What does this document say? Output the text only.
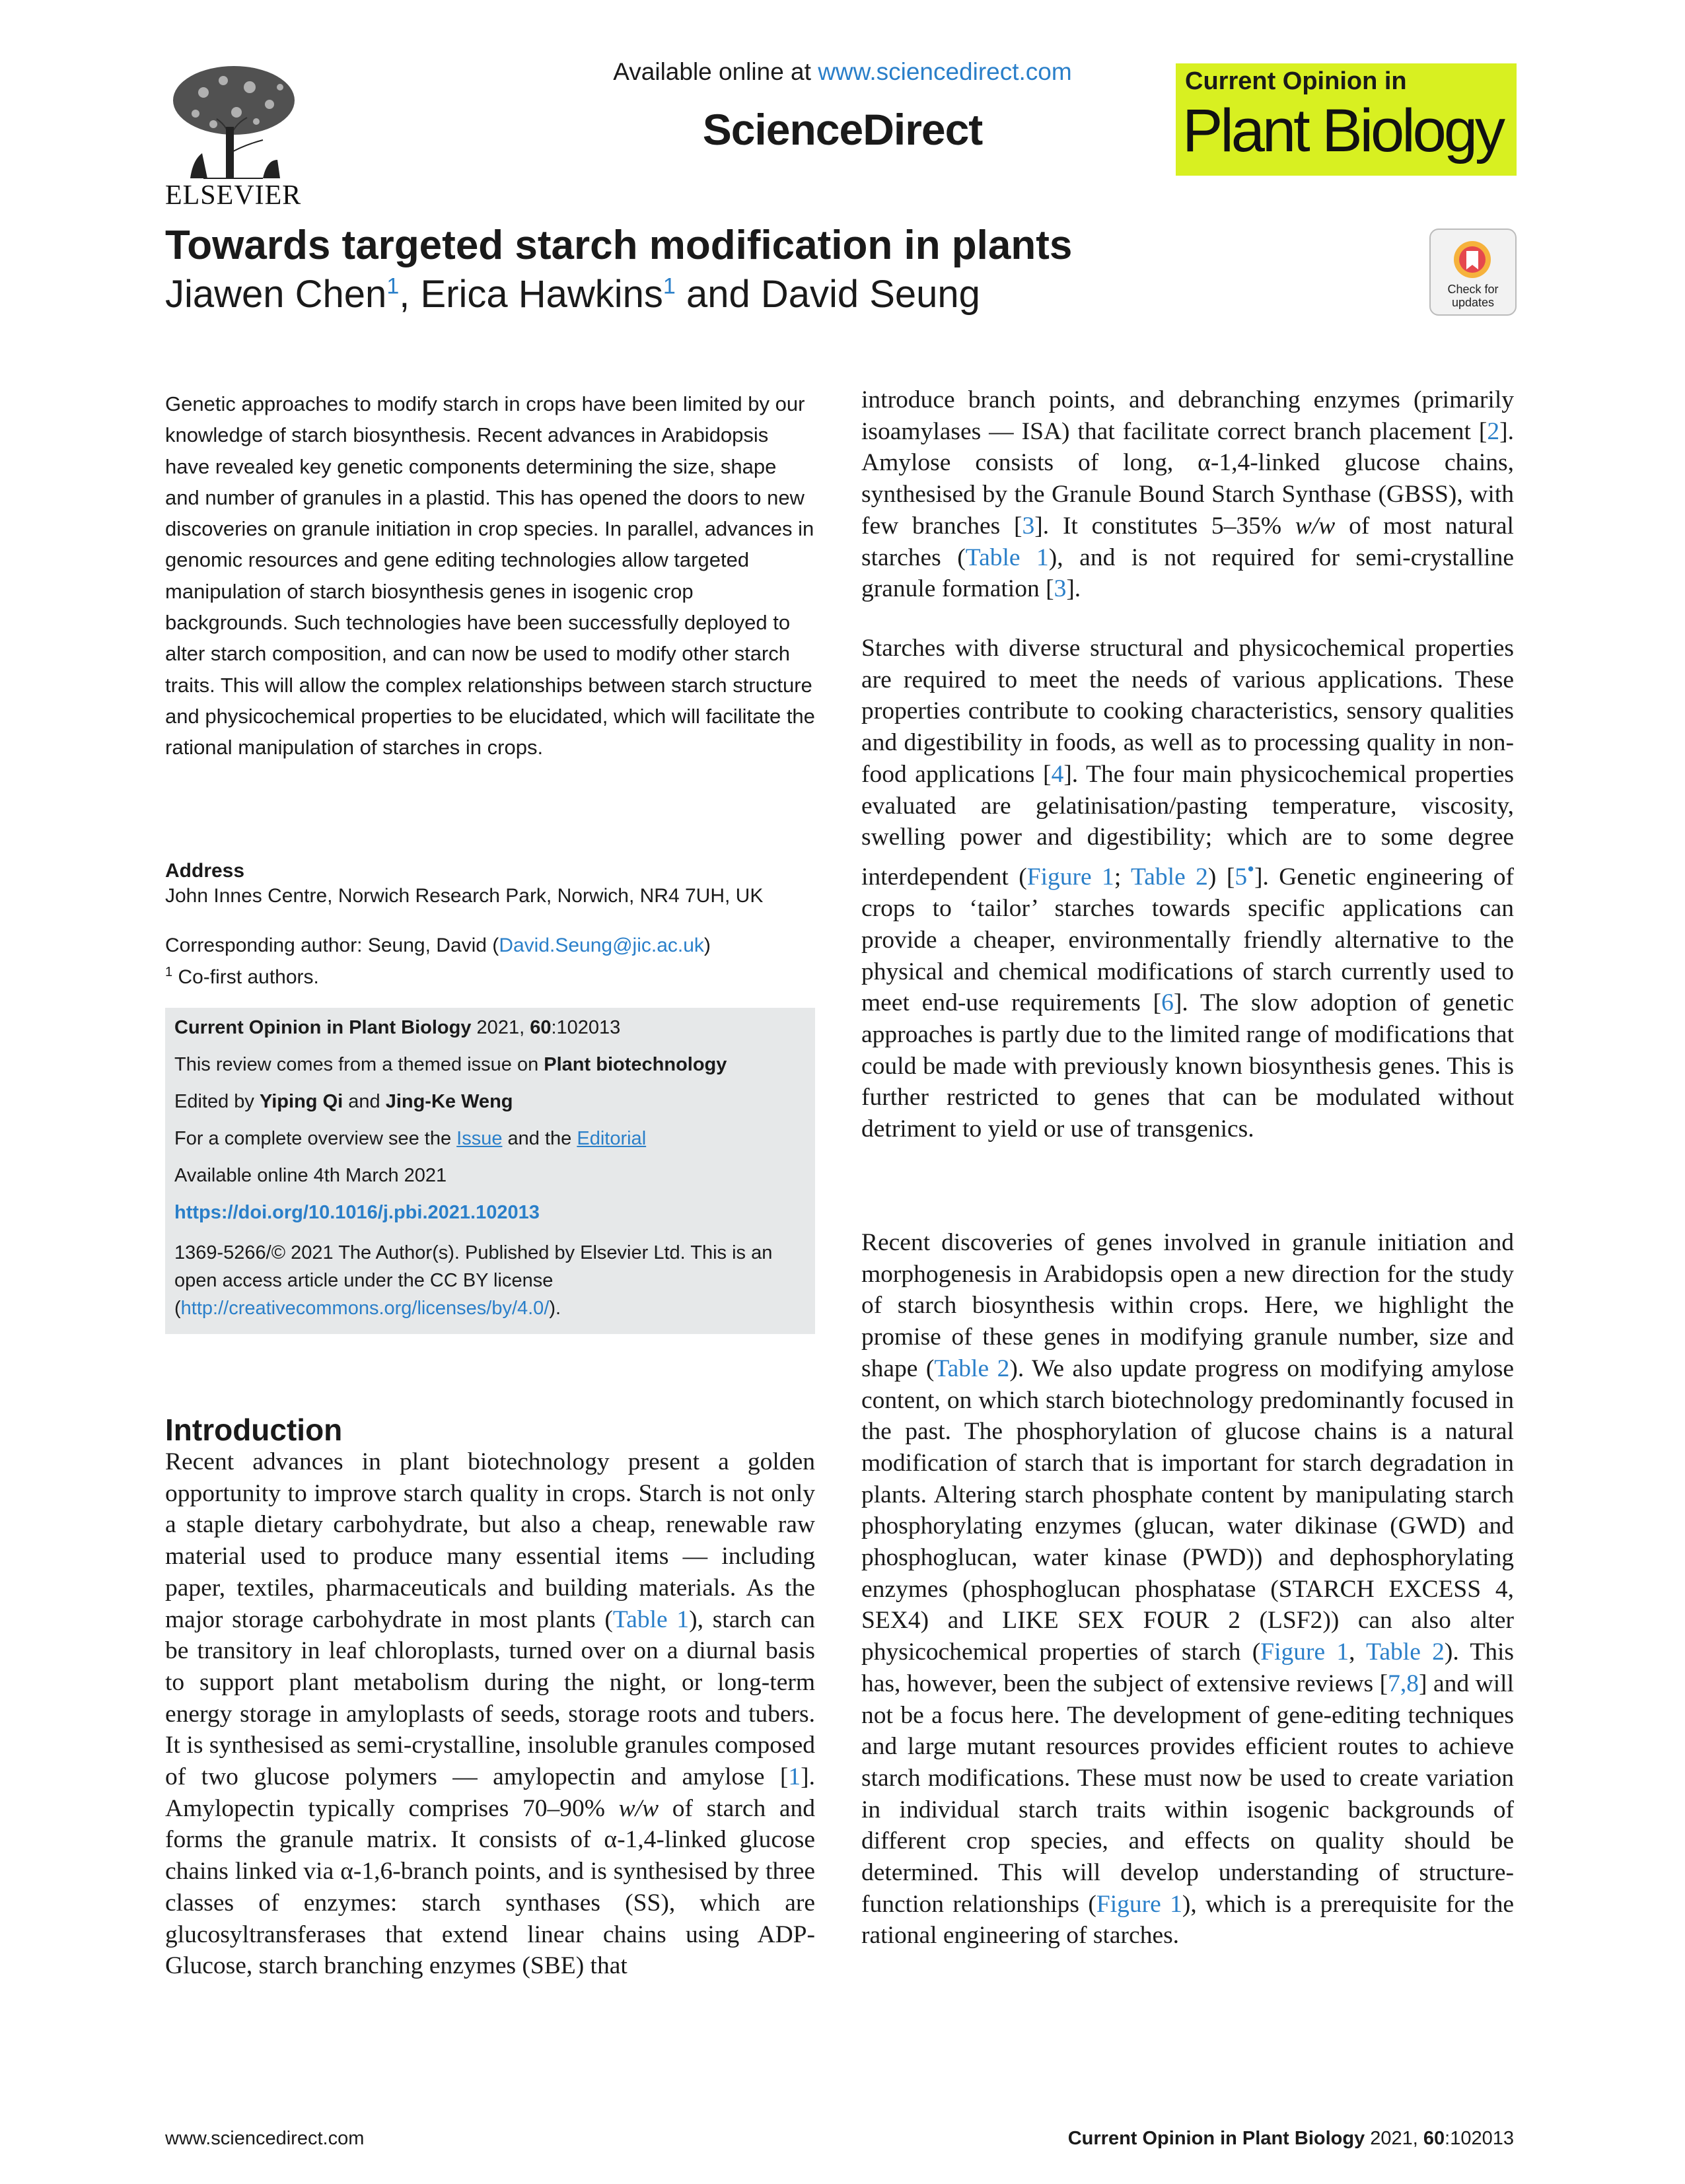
ELSEVIER
Available online at www.sciencedirect.com
ScienceDirect
Current Opinion in
Plant Biology
Towards targeted starch modification in plants
Jiawen Chen$^1$, Erica Hawkins$^1$ and David Seung	Check for updates
Genetic approaches to modify starch in crops have been limited by our knowledge of starch biosynthesis. Recent advances in Arabidopsis have revealed key genetic components determining the size, shape and number of granules in a plastid. This has opened the doors to new discoveries on granule initiation in crop species. In parallel, advances in genomic resources and gene editing technologies allow targeted manipulation of starch biosynthesis genes in isogenic crop backgrounds. Such technologies have been successfully deployed to alter starch composition, and can now be used to modify other starch traits. This will allow the complex relationships between starch structure and physicochemical properties to be elucidated, which will facilitate the rational manipulation of starches in crops.
Address
John Innes Centre, Norwich Research Park, Norwich, NR4 7UH, UK
Corresponding author: Seung, David (David.Seung@jic.ac.uk)
$^1$ Co-first authors.
Current Opinion in Plant Biology 2021, 60:102013
This review comes from a themed issue on Plant biotechnology
Edited by Yiping Qi and Jing-Ke Weng
For a complete overview see the Issue and the Editorial
Available online 4th March 2021
https://doi.org/10.1016/j.pbi.2021.102013
1369-5266/© 2021 The Author(s). Published by Elsevier Ltd. This is an open access article under the CC BY license (http://creativecommons.org/licenses/by/4.0/).
Introduction
Recent advances in plant biotechnology present a golden opportunity to improve starch quality in crops. Starch is not only a staple dietary carbohydrate, but also a cheap, renewable raw material used to produce many essential items — including paper, textiles, pharmaceuticals and building materials. As the major storage carbohydrate in most plants (Table 1), starch can be transitory in leaf chloroplasts, turned over on a diurnal basis to support plant metabolism during the night, or long-term energy storage in amyloplasts of seeds, storage roots and tubers. It is synthesised as semi-crystalline, insoluble granules composed of two glucose polymers — amylopectin and amylose [1]. Amylopectin typically comprises 70–90% w/w of starch and forms the granule matrix. It consists of α-1,4-linked glucose chains linked via α-1,6-branch points, and is synthesised by three classes of enzymes: starch synthases (SS), which are glucosyltransferases that extend linear chains using ADP-Glucose, starch branching enzymes (SBE) that
introduce branch points, and debranching enzymes (primarily isoamylases — ISA) that facilitate correct branch placement [2]. Amylose consists of long, α-1,4-linked glucose chains, synthesised by the Granule Bound Starch Synthase (GBSS), with few branches [3]. It constitutes 5–35% w/w of most natural starches (Table 1), and is not required for semi-crystalline granule formation [3].
Starches with diverse structural and physicochemical properties are required to meet the needs of various applications. These properties contribute to cooking characteristics, sensory qualities and digestibility in foods, as well as to processing quality in non-food applications [4]. The four main physicochemical properties evaluated are gelatinisation/pasting temperature, viscosity, swelling power and digestibility; which are to some degree interdependent (Figure 1; Table 2) [5•]. Genetic engineering of crops to ‘tailor’ starches towards specific applications can provide a cheaper, environmentally friendly alternative to the physical and chemical modifications of starch currently used to meet end-use requirements [6]. The slow adoption of genetic approaches is partly due to the limited range of modifications that could be made with previously known biosynthesis genes. This is further restricted to genes that can be modulated without detriment to yield or use of transgenics.
Recent discoveries of genes involved in granule initiation and morphogenesis in Arabidopsis open a new direction for the study of starch biosynthesis within crops. Here, we highlight the promise of these genes in modifying granule number, size and shape (Table 2). We also update progress on modifying amylose content, on which starch biotechnology predominantly focused in the past. The phosphorylation of glucose chains is a natural modification of starch that is important for starch degradation in plants. Altering starch phosphate content by manipulating starch phosphorylating enzymes (glucan, water dikinase (GWD) and phosphoglucan, water kinase (PWD)) and dephosphorylating enzymes (phosphoglucan phosphatase (STARCH EXCESS 4, SEX4) and LIKE SEX FOUR 2 (LSF2)) can also alter physicochemical properties of starch (Figure 1, Table 2). This has, however, been the subject of extensive reviews [7,8] and will not be a focus here. The development of gene-editing techniques and large mutant resources provides efficient routes to achieve starch modifications. These must now be used to create variation in individual starch traits within isogenic backgrounds of different crop species, and effects on quality should be determined. This will develop understanding of structure-function relationships (Figure 1), which is a prerequisite for the rational engineering of starches.
www.sciencedirect.com	Current Opinion in Plant Biology 2021, 60:102013
